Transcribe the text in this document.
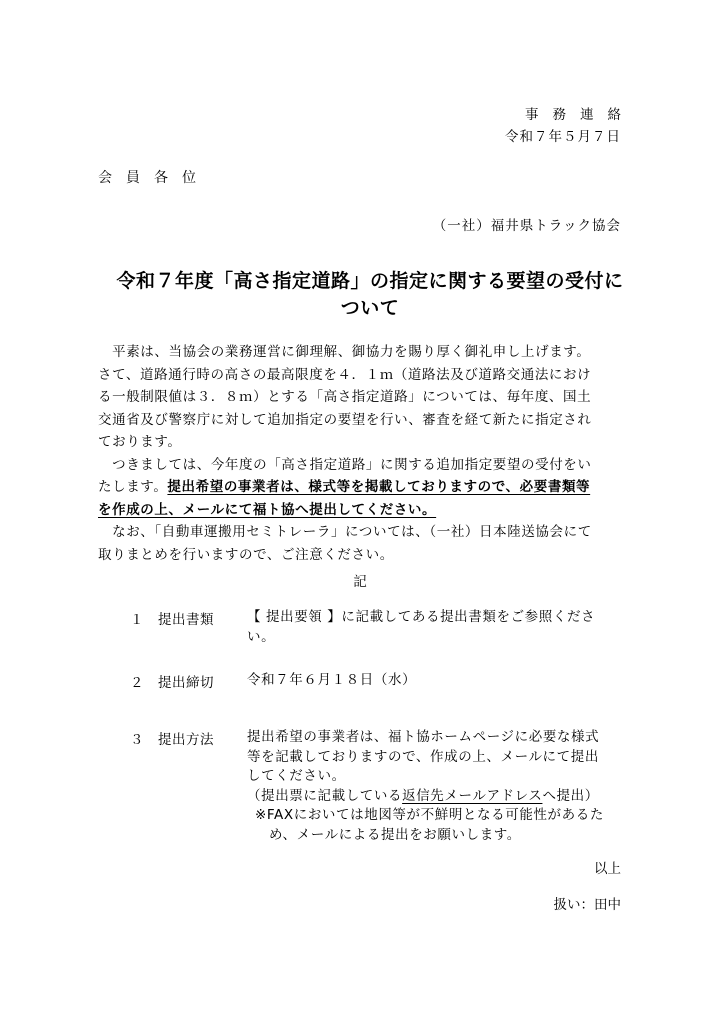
事務連絡
令和７年５月７日
会員各位
（一社）福井県トラック協会
令和７年度「高さ指定道路」の指定に関する要望の受付に
ついて

　平素は、当協会の業務運営に御理解、御協力を賜り厚く御礼申し上げます。
さて、道路通行時の高さの最高限度を４．１ｍ（道路法及び道路交通法におけ
る一般制限値は３．８ｍ）とする「高さ指定道路」については、毎年度、国土
交通省及び警察庁に対して追加指定の要望を行い、審査を経て新たに指定され
ております。

　つきましては、今年度の「高さ指定道路」に関する追加指定要望の受付をい
たします。提出希望の事業者は、様式等を掲載しておりますので、必要書類等
を作成の上、メールにて福ト協へ提出してください。

　なお、「自動車運搬用セミトレーラ」については、（一社）日本陸送協会にて
取りまとめを行いますので、ご注意ください。

記
１ 提出書類 【 提出要領 】に記載してある提出書類をご参照くださ
い。
２ 提出締切 令和７年６月１８日（水）
３ 提出方法 提出希望の事業者は、福ト協ホームページに必要な様式
等を記載しておりますので、作成の上、メールにて提出
してください。
（提出票に記載している返信先メールアドレスへ提出）
※FAXにおいては地図等が不鮮明となる可能性があるた
め、メールによる提出をお願いします。
以上
扱い：田中
